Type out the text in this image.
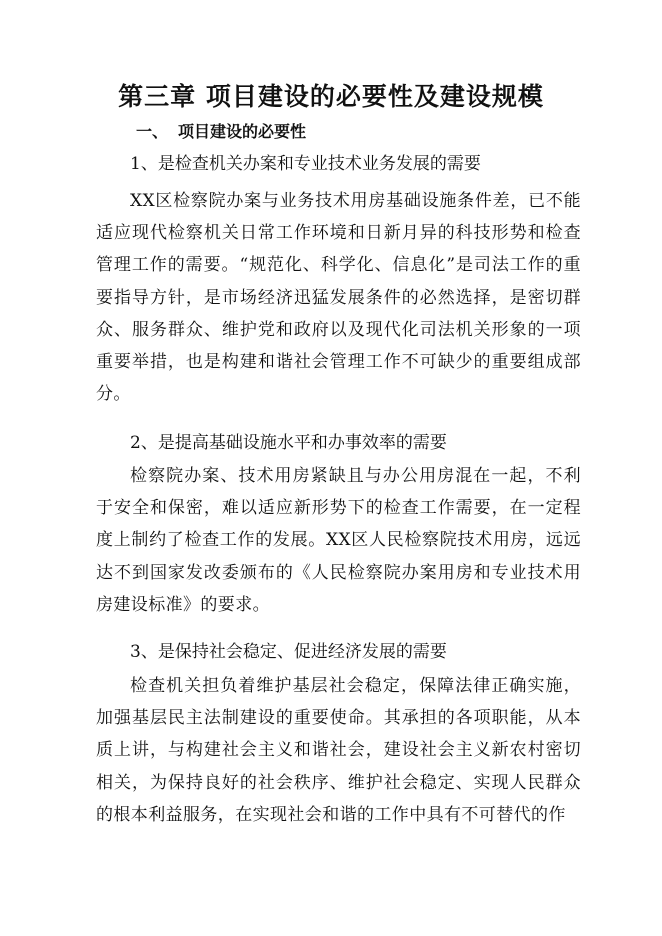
第三章 项目建设的必要性及建设规模
一、 项目建设的必要性
1、是检查机关办案和专业技术业务发展的需要

XX区检察院办案与业务技术用房基础设施条件差，已不能适应现代检察机关日常工作环境和日新月异的科技形势和检查管理工作的需要。“规范化、科学化、信息化”是司法工作的重要指导方针，是市场经济迅猛发展条件的必然选择，是密切群众、服务群众、维护党和政府以及现代化司法机关形象的一项重要举措，也是构建和谐社会管理工作不可缺少的重要组成部分。

2、是提高基础设施水平和办事效率的需要

检察院办案、技术用房紧缺且与办公用房混在一起，不利于安全和保密，难以适应新形势下的检查工作需要，在一定程度上制约了检查工作的发展。XX区人民检察院技术用房，远远达不到国家发改委颁布的《人民检察院办案用房和专业技术用房建设标准》的要求。

3、是保持社会稳定、促进经济发展的需要

检查机关担负着维护基层社会稳定，保障法律正确实施，加强基层民主法制建设的重要使命。其承担的各项职能，从本质上讲，与构建社会主义和谐社会，建设社会主义新农村密切相关，为保持良好的社会秩序、维护社会稳定、实现人民群众的根本利益服务，在实现社会和谐的工作中具有不可替代的作
